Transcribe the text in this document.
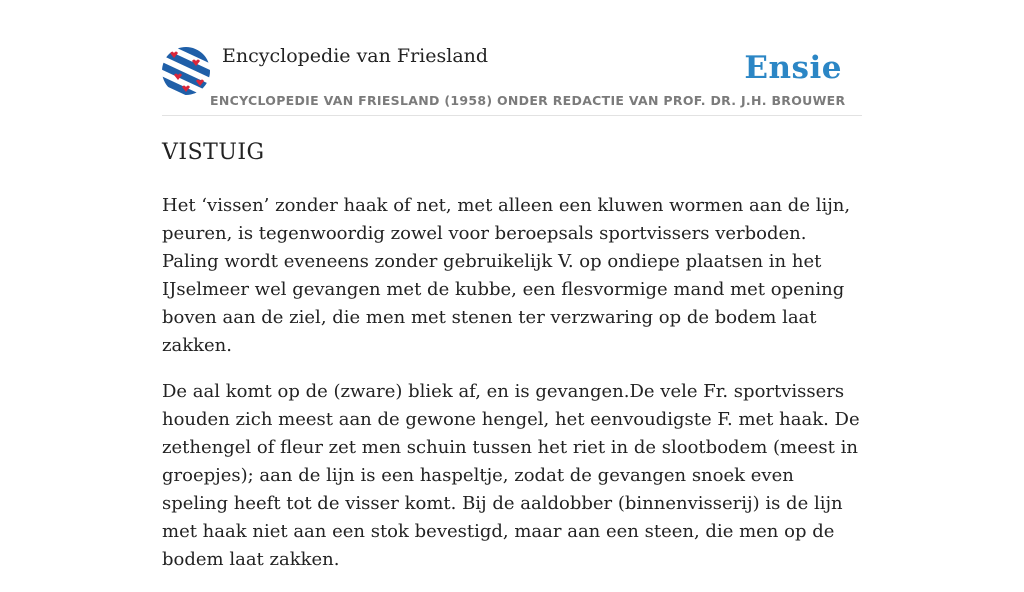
Encyclopedie van Friesland	Ensie
ENCYCLOPEDIE VAN FRIESLAND (1958) ONDER REDACTIE VAN PROF. DR. J.H. BROUWER
VISTUIG

Het ‘vissen’ zonder haak of net, met alleen een kluwen wormen aan de lijn, peuren, is tegenwoordig zowel voor beroepsals sportvissers verboden. Paling wordt eveneens zonder gebruikelijk V. op ondiepe plaatsen in het IJselmeer wel gevangen met de kubbe, een flesvormige mand met opening boven aan de ziel, die men met stenen ter verzwaring op de bodem laat zakken.

De aal komt op de (zware) bliek af, en is gevangen.De vele Fr. sportvissers houden zich meest aan de gewone hengel, het eenvoudigste F. met haak. De zethengel of fleur zet men schuin tussen het riet in de slootbodem (meest in groepjes); aan de lijn is een haspeltje, zodat de gevangen snoek even speling heeft tot de visser komt. Bij de aaldobber (binnenvisserij) is de lijn met haak niet aan een stok bevestigd, maar aan een steen, die men op de bodem laat zakken.
